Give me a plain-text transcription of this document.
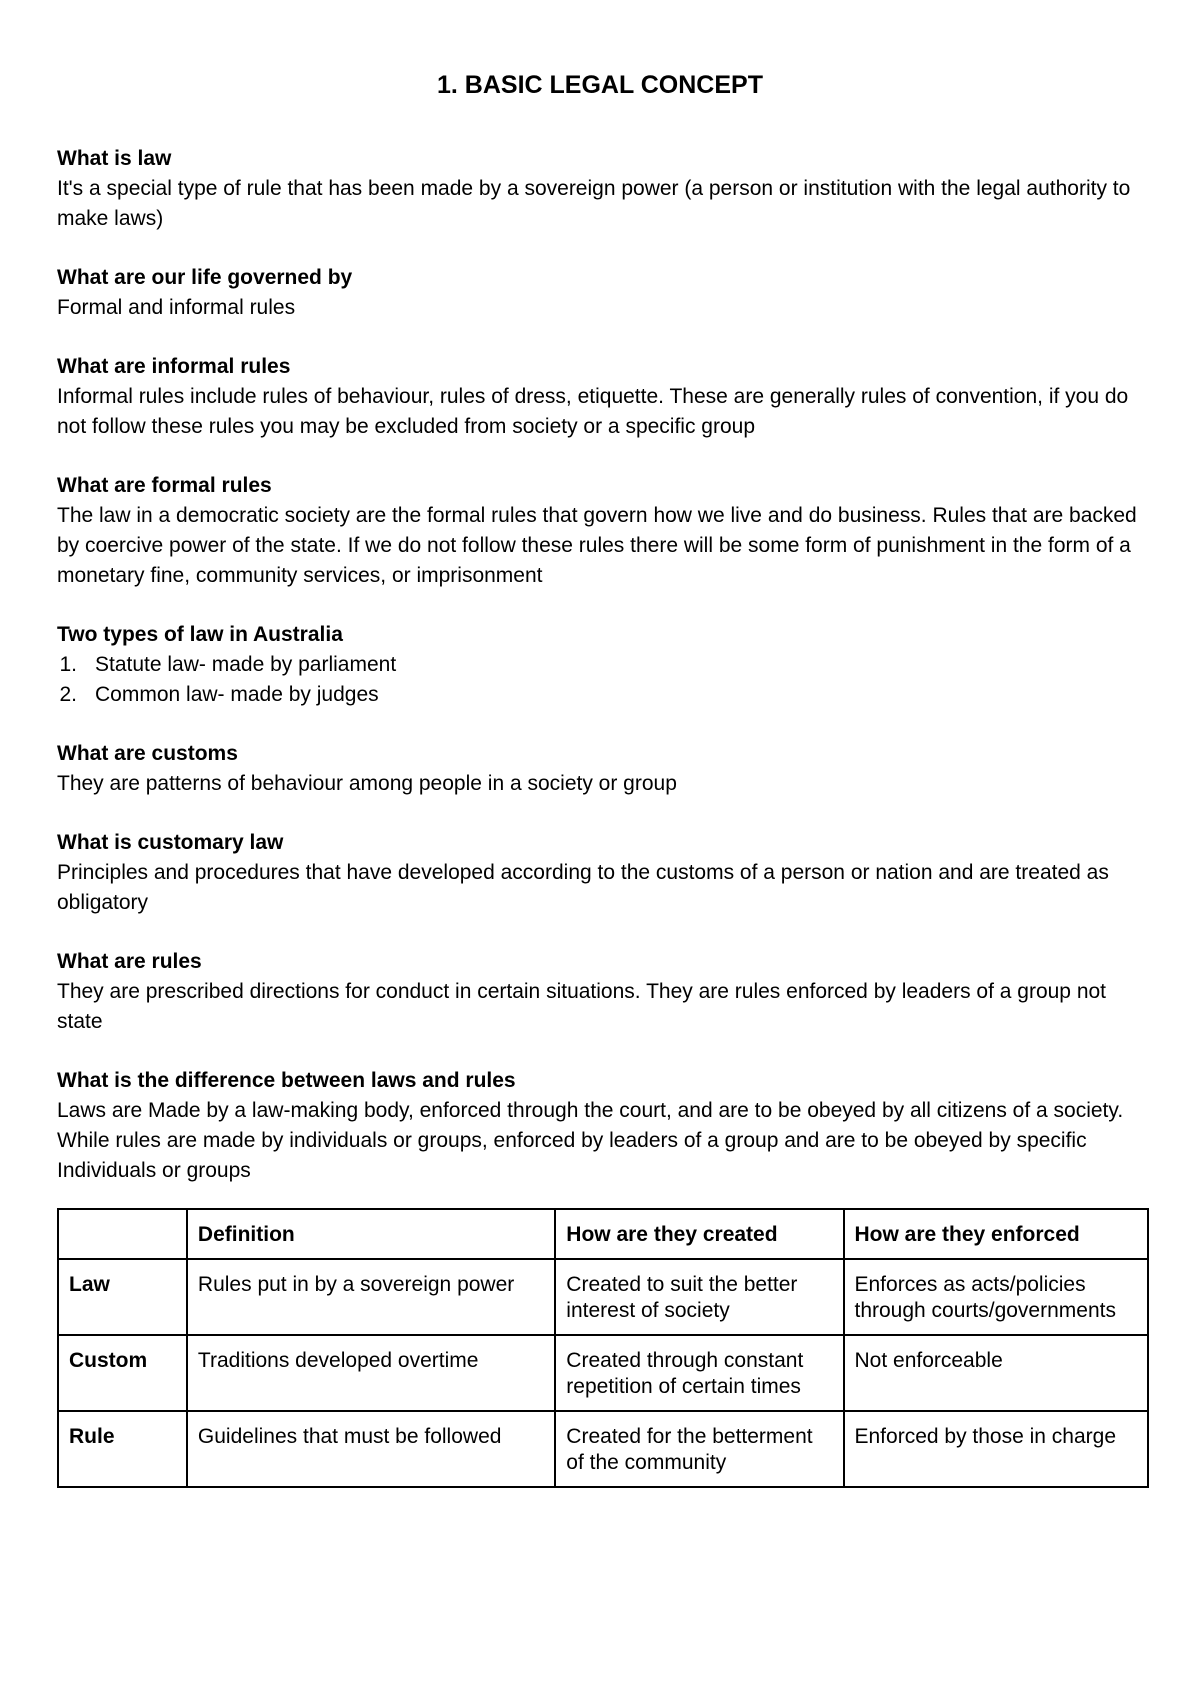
1. BASIC LEGAL CONCEPT

What is law

It's a special type of rule that has been made by a sovereign power (a person or institution with the legal authority to make laws)

What are our life governed by

Formal and informal rules

What are informal rules

Informal rules include rules of behaviour, rules of dress, etiquette. These are generally rules of convention, if you do not follow these rules you may be excluded from society or a specific group

What are formal rules

The law in a democratic society are the formal rules that govern how we live and do business. Rules that are backed by coercive power of the state. If we do not follow these rules there will be some form of punishment in the form of a monetary fine, community services, or imprisonment

Two types of law in Australia

1. Statute law- made by parliament
2. Common law- made by judges

What are customs

They are patterns of behaviour among people in a society or group

What is customary law

Principles and procedures that have developed according to the customs of a person or nation and are treated as obligatory

What are rules

They are prescribed directions for conduct in certain situations. They are rules enforced by leaders of a group not state

What is the difference between laws and rules

Laws are Made by a law-making body, enforced through the court, and are to be obeyed by all citizens of a society. While rules are made by individuals or groups, enforced by leaders of a group and are to be obeyed by specific Individuals or groups

	Definition	How are they created	How are they enforced
Law	Rules put in by a sovereign power	Created to suit the better interest of society	Enforces as acts/policies through courts/governments
Custom	Traditions developed overtime	Created through constant repetition of certain times	Not enforceable
Rule	Guidelines that must be followed	Created for the betterment of the community	Enforced by those in charge
